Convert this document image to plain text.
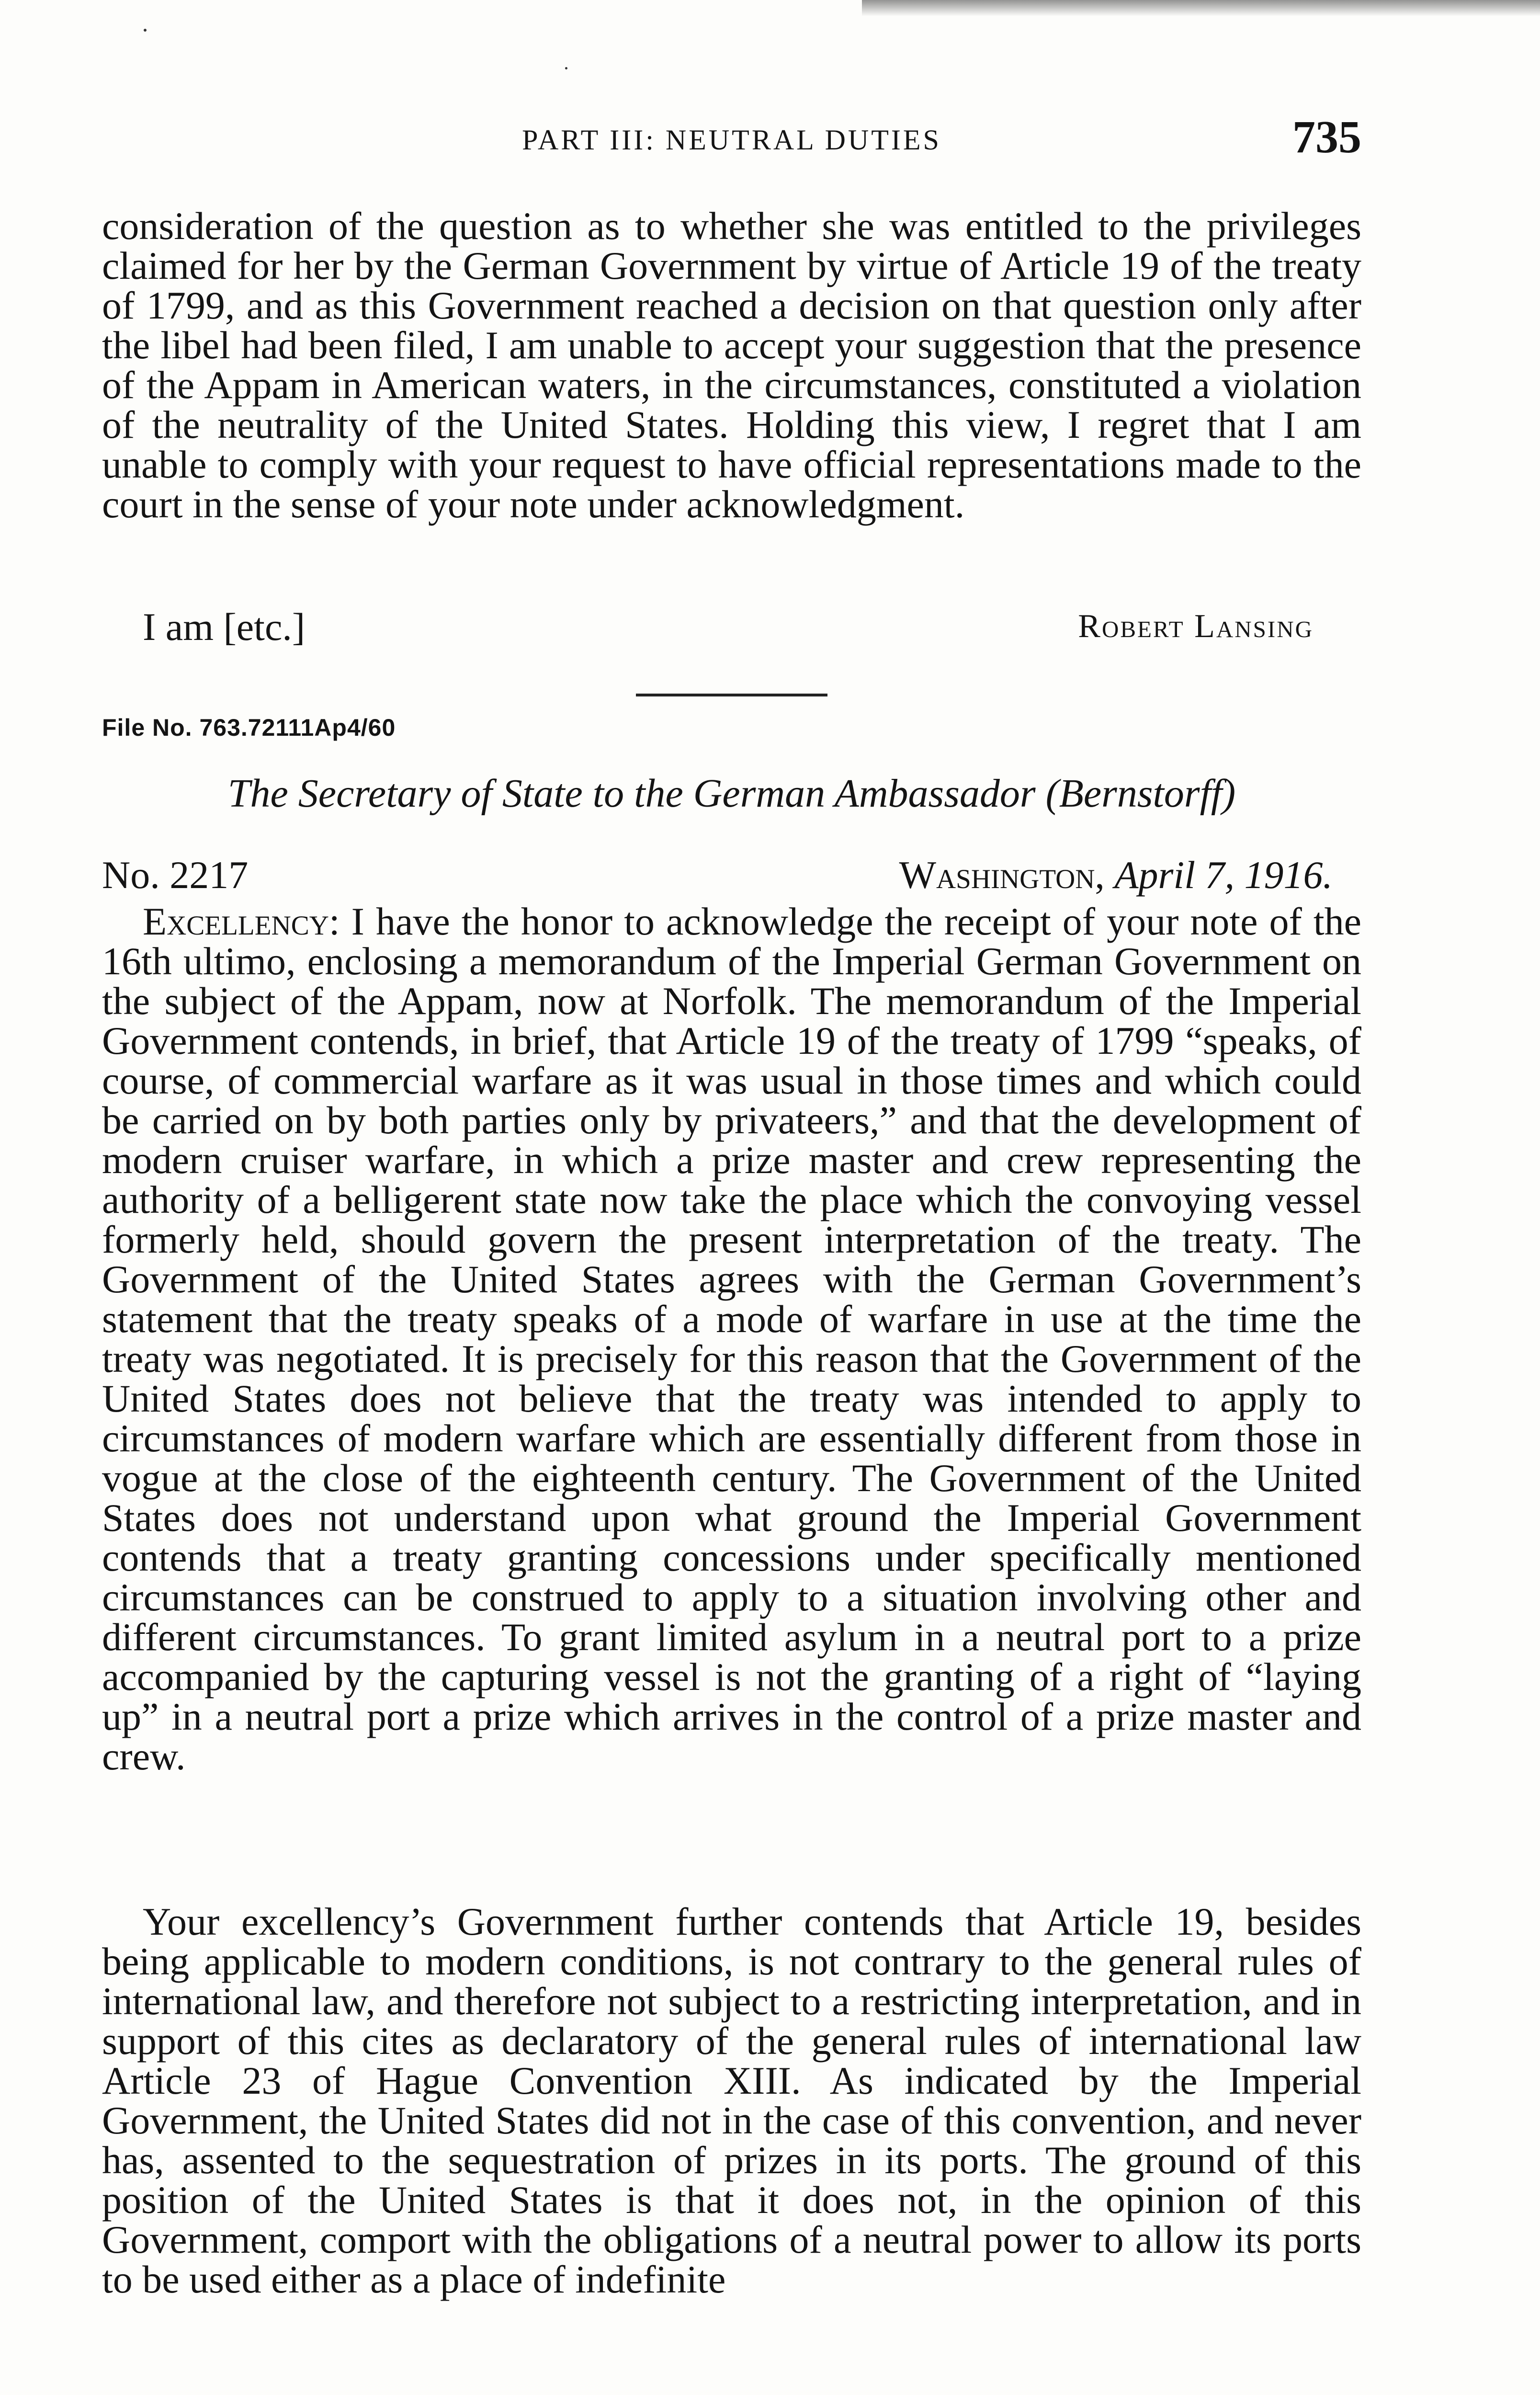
PART III: NEUTRAL DUTIES	735

consideration of the question as to whether she was entitled to the privileges claimed for her by the German Government by virtue of Article 19 of the treaty of 1799, and as this Government reached a decision on that question only after the libel had been filed, I am unable to accept your suggestion that the presence of the Appam in American waters, in the circumstances, constituted a violation of the neutrality of the United States. Holding this view, I regret that I am unable to comply with your request to have official representations made to the court in the sense of your note under acknowledgment.

I am [etc.]	Robert Lansing
File No. 763.72111Ap4/60
The Secretary of State to the German Ambassador (Bernstorff)
No. 2217	Washington, April 7, 1916.

Excellency: I have the honor to acknowledge the receipt of your note of the 16th ultimo, enclosing a memorandum of the Imperial German Government on the subject of the Appam, now at Norfolk. The memorandum of the Imperial Government contends, in brief, that Article 19 of the treaty of 1799 “speaks, of course, of commercial warfare as it was usual in those times and which could be carried on by both parties only by privateers,” and that the development of modern cruiser warfare, in which a prize master and crew representing the authority of a belligerent state now take the place which the convoying vessel formerly held, should govern the present interpretation of the treaty. The Government of the United States agrees with the German Government’s statement that the treaty speaks of a mode of warfare in use at the time the treaty was negotiated. It is precisely for this reason that the Government of the United States does not believe that the treaty was intended to apply to circumstances of modern warfare which are essentially different from those in vogue at the close of the eighteenth century. The Government of the United States does not understand upon what ground the Imperial Government contends that a treaty granting concessions under specifically mentioned circumstances can be construed to apply to a situation involving other and different circumstances. To grant limited asylum in a neutral port to a prize accompanied by the capturing vessel is not the granting of a right of “laying up” in a neutral port a prize which arrives in the control of a prize master and crew.

Your excellency’s Government further contends that Article 19, besides being applicable to modern conditions, is not contrary to the general rules of international law, and therefore not subject to a restricting interpretation, and in support of this cites as declaratory of the general rules of international law Article 23 of Hague Convention XIII. As indicated by the Imperial Government, the United States did not in the case of this convention, and never has, assented to the sequestration of prizes in its ports. The ground of this position of the United States is that it does not, in the opinion of this Government, comport with the obligations of a neutral power to allow its ports to be used either as a place of indefinite
